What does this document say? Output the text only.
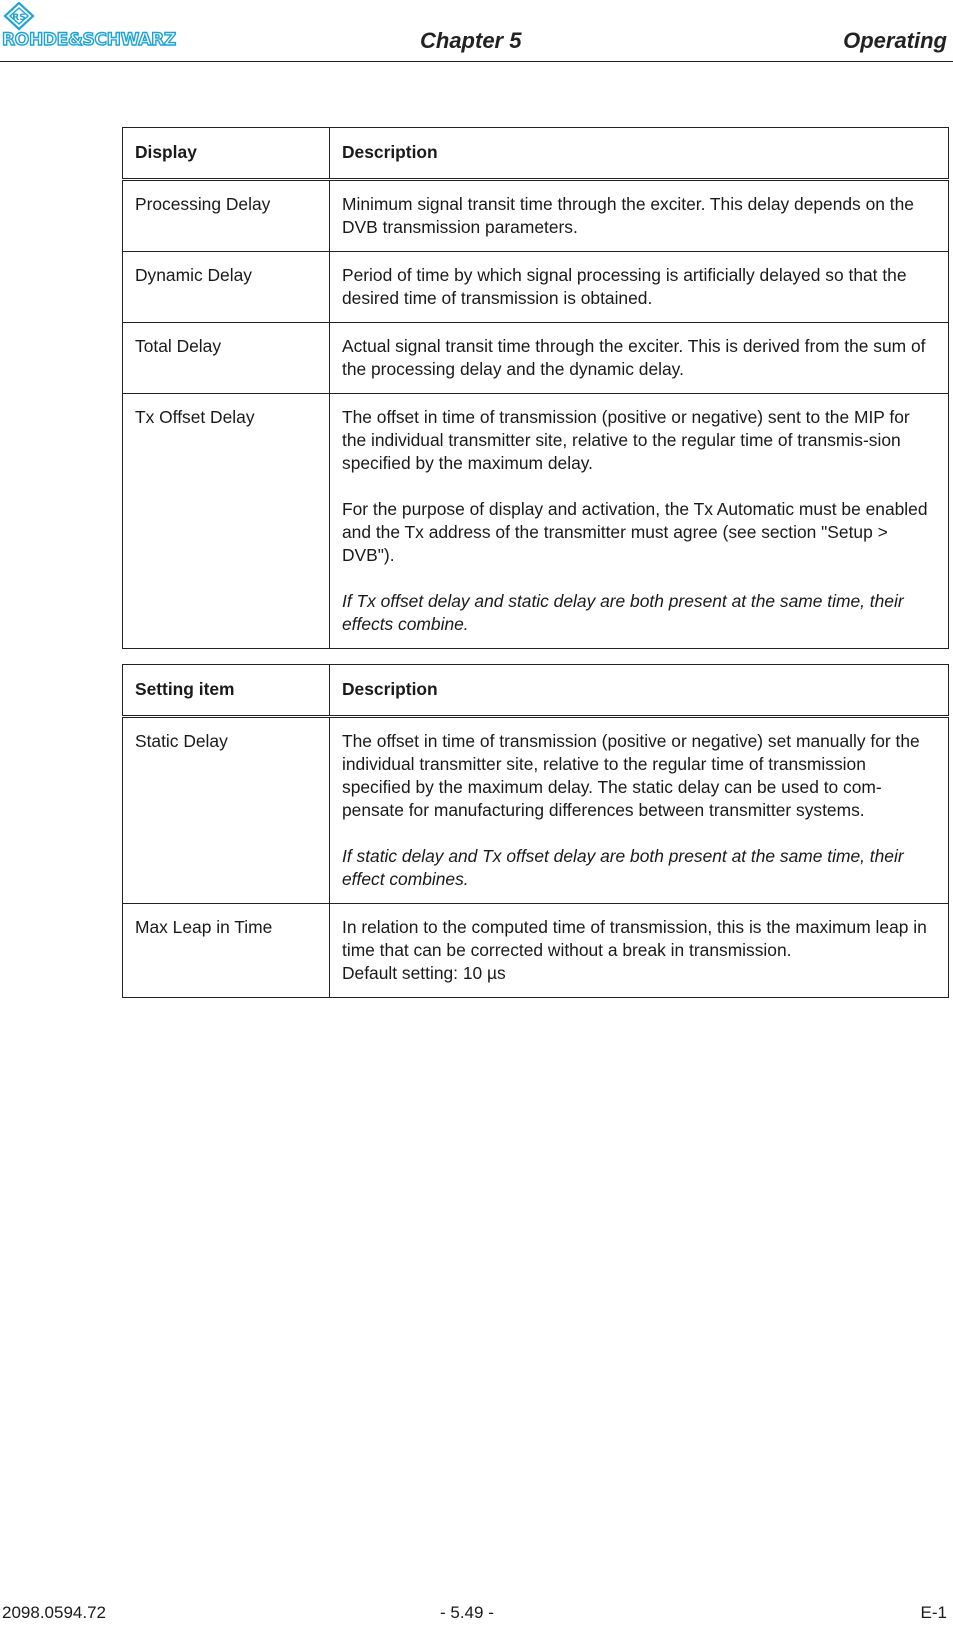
RS
ROHDE&SCHWARZ	Chapter 5	Operating
Display	Description
Processing Delay	Minimum signal transit time through the exciter. This delay depends on the DVB transmission parameters.

Dynamic Delay	Period of time by which signal processing is artificially delayed so that the desired time of transmission is obtained.

Total Delay	Actual signal transit time through the exciter. This is derived from the sum of the processing delay and the dynamic delay.

Tx Offset Delay	The offset in time of transmission (positive or negative) sent to the MIP for the individual transmitter site, relative to the regular time of transmis-sion specified by the maximum delay.

For the purpose of display and activation, the Tx Automatic must be enabled and the Tx address of the transmitter must agree (see section "Setup > DVB").

If Tx offset delay and static delay are both present at the same time, their effects combine.

Setting item	Description
Static Delay	The offset in time of transmission (positive or negative) set manually for the individual transmitter site, relative to the regular time of transmission specified by the maximum delay. The static delay can be used to com-pensate for manufacturing differences between transmitter systems.

If static delay and Tx offset delay are both present at the same time, their effect combines.

Max Leap in Time	In relation to the computed time of transmission, this is the maximum leap in time that can be corrected without a break in transmission.
Default setting: 10 µs
2098.0594.72	- 5.49 -	E-1
